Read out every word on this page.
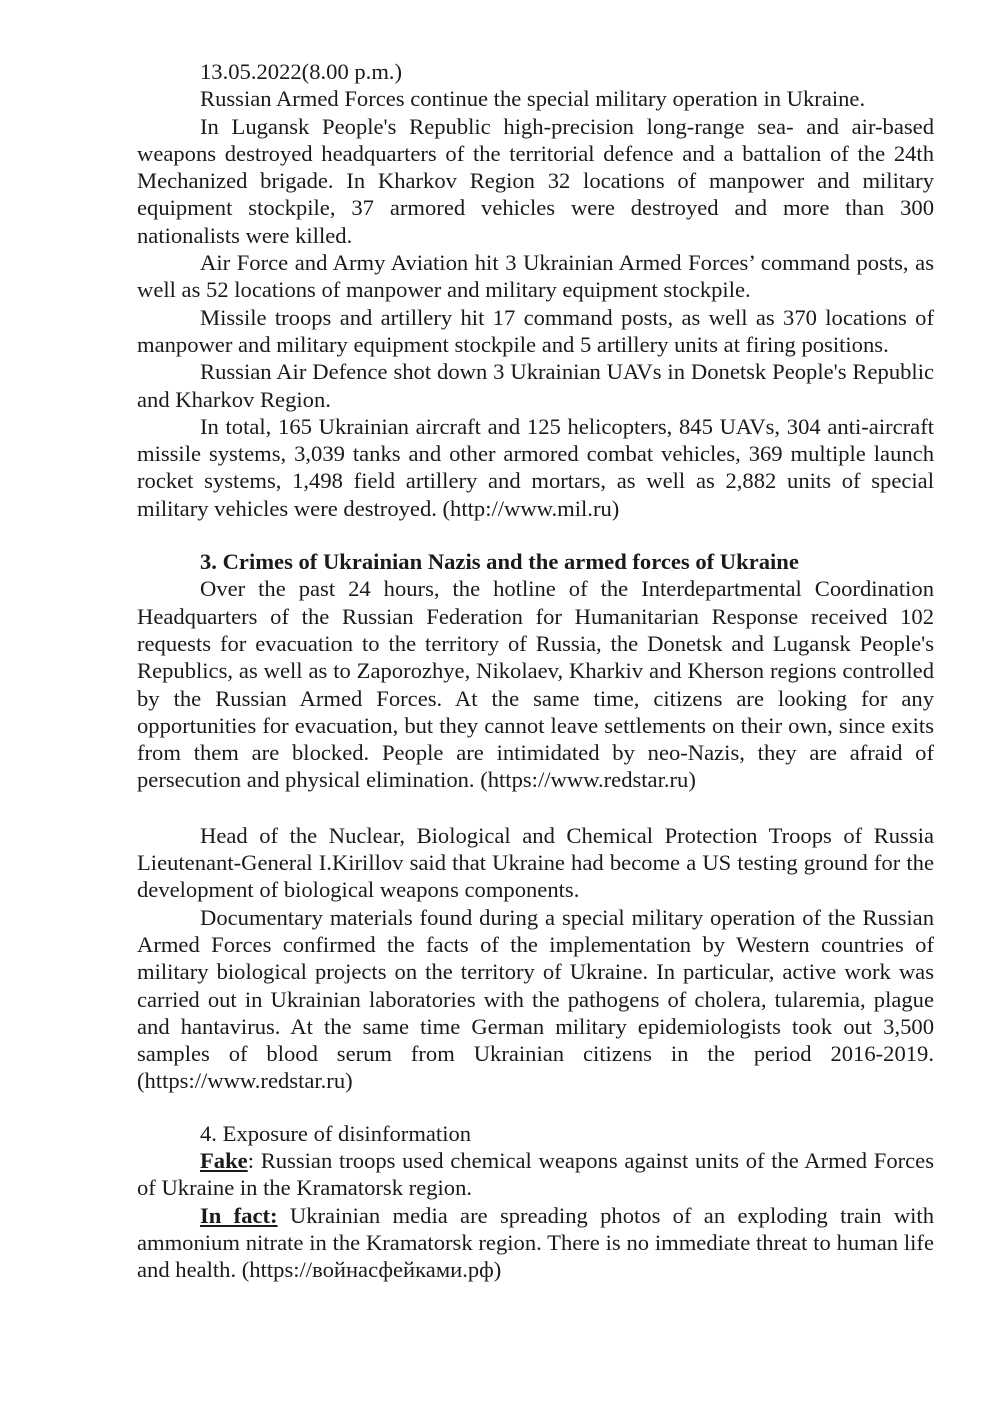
13.05.2022(8.00 p.m.)

Russian Armed Forces continue the special military operation in Ukraine.

In Lugansk People's Republic high-precision long-range sea- and air-based weapons destroyed headquarters of the territorial defence and a battalion of the 24th Mechanized brigade. In Kharkov Region 32 locations of manpower and military equipment stockpile, 37 armored vehicles were destroyed and more than 300 nationalists were killed.

Air Force and Army Aviation hit 3 Ukrainian Armed Forces’ command posts, as well as 52 locations of manpower and military equipment stockpile.

Missile troops and artillery hit 17 command posts, as well as 370 locations of manpower and military equipment stockpile and 5 artillery units at firing positions.

Russian Air Defence shot down 3 Ukrainian UAVs in Donetsk People's Republic and Kharkov Region.

In total, 165 Ukrainian aircraft and 125 helicopters, 845 UAVs, 304 anti-aircraft missile systems, 3,039 tanks and other armored combat vehicles, 369 multiple launch rocket systems, 1,498 field artillery and mortars, as well as 2,882 units of special military vehicles were destroyed. (http://www.mil.ru)

3. Crimes of Ukrainian Nazis and the armed forces of Ukraine

Over the past 24 hours, the hotline of the Interdepartmental Coordination Headquarters of the Russian Federation for Humanitarian Response received 102 requests for evacuation to the territory of Russia, the Donetsk and Lugansk People's Republics, as well as to Zaporozhye, Nikolaev, Kharkiv and Kherson regions controlled by the Russian Armed Forces. At the same time, citizens are looking for any opportunities for evacuation, but they cannot leave settlements on their own, since exits from them are blocked. People are intimidated by neo-Nazis, they are afraid of persecution and physical elimination. (https://www.redstar.ru)

Head of the Nuclear, Biological and Chemical Protection Troops of Russia Lieutenant-General I.Kirillov said that Ukraine had become a US testing ground for the development of biological weapons components.

Documentary materials found during a special military operation of the Russian Armed Forces confirmed the facts of the implementation by Western countries of military biological projects on the territory of Ukraine. In particular, active work was carried out in Ukrainian laboratories with the pathogens of cholera, tularemia, plague and hantavirus. At the same time German military epidemiologists took out 3,500 samples of blood serum from Ukrainian citizens in the period 2016-2019. (https://www.redstar.ru)

4. Exposure of disinformation

Fake: Russian troops used chemical weapons against units of the Armed Forces of Ukraine in the Kramatorsk region.

In fact: Ukrainian media are spreading photos of an exploding train with ammonium nitrate in the Kramatorsk region. There is no immediate threat to human life and health. (https://войнасфейками.рф)
